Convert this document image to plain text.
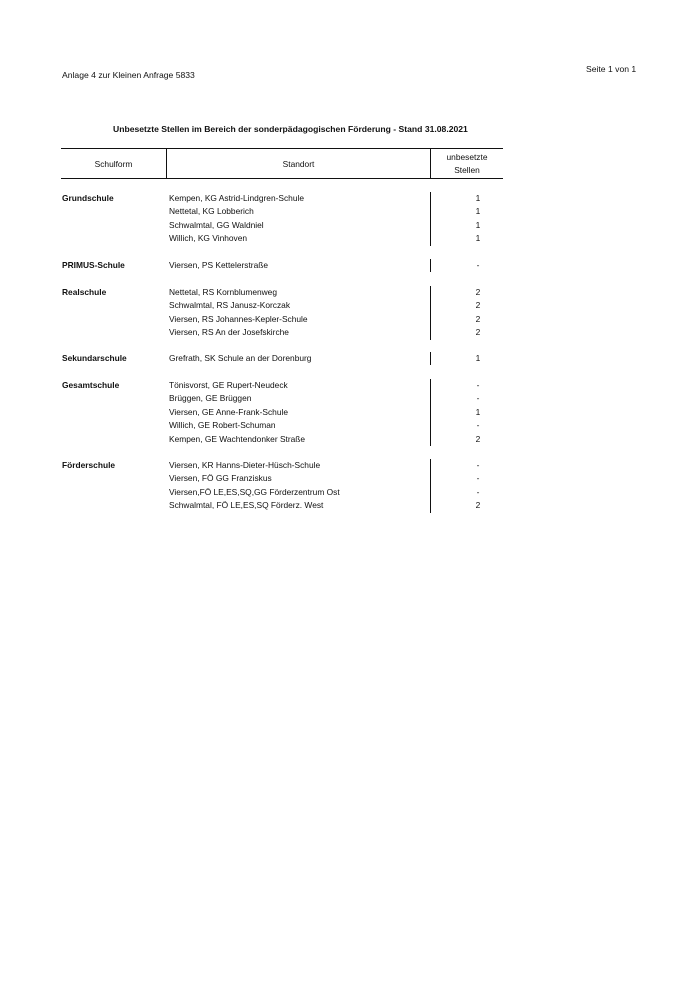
Seite 1 von 1
Anlage 4 zur Kleinen Anfrage 5833
Unbesetzte Stellen im Bereich der sonderpädagogischen Förderung - Stand 31.08.2021
Schulform	Standort
unbesetzte
Stellen
Grundschule	Kempen, KG Astrid-Lindgren-Schule	1
Nettetal, KG Lobberich	1
Schwalmtal, GG Waldniel	1
Willich, KG Vinhoven	1
PRIMUS-Schule	Viersen, PS Kettelerstraße	-
Realschule	Nettetal, RS Kornblumenweg	2
Schwalmtal, RS Janusz-Korczak	2
Viersen, RS Johannes-Kepler-Schule	2
Viersen, RS An der Josefskirche	2
Sekundarschule	Grefrath, SK Schule an der Dorenburg	1
Gesamtschule	Tönisvorst, GE Rupert-Neudeck	-
Brüggen, GE Brüggen	-
Viersen, GE Anne-Frank-Schule	1
Willich, GE Robert-Schuman	-
Kempen, GE Wachtendonker Straße	2
Förderschule	Viersen, KR Hanns-Dieter-Hüsch-Schule	-
Viersen, FÖ GG Franziskus	-
Viersen,FÖ LE,ES,SQ,GG Förderzentrum Ost	-
Schwalmtal, FÖ LE,ES,SQ Förderz. West	2
